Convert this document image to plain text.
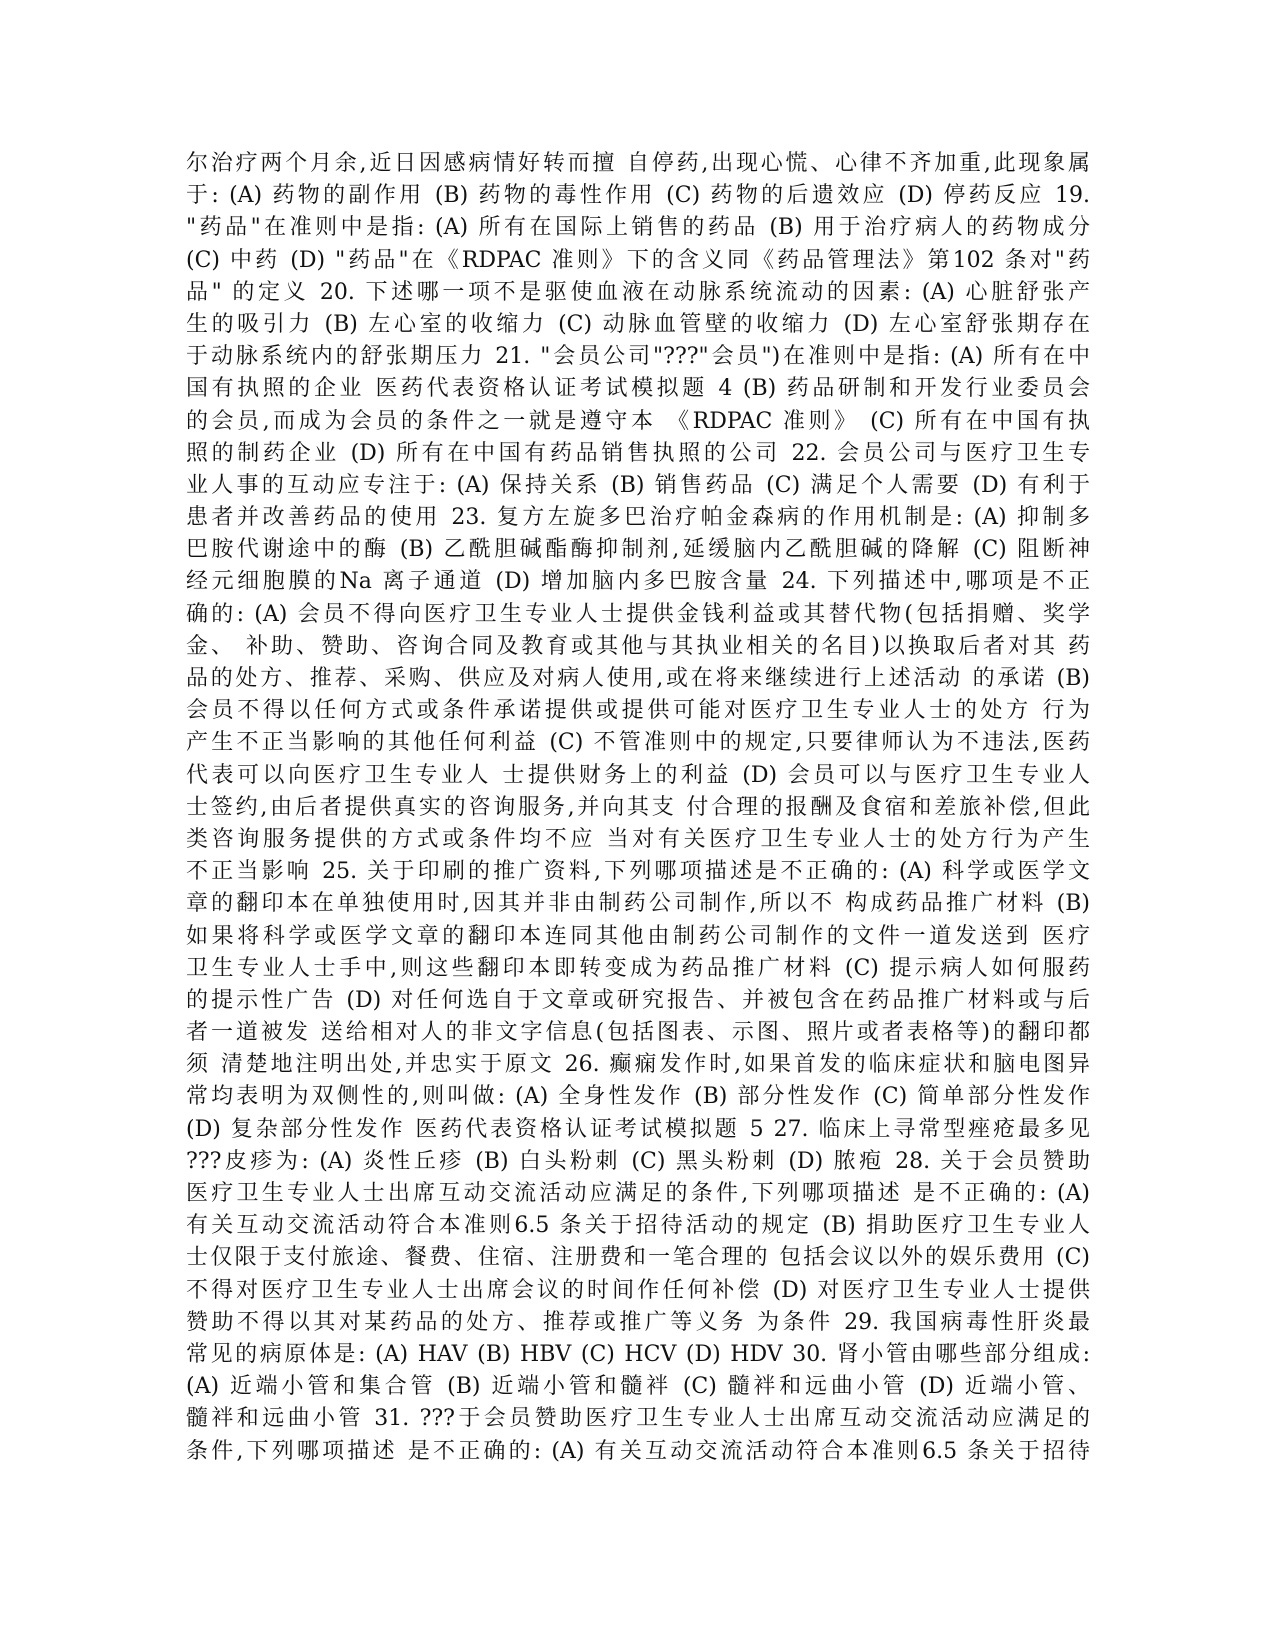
尔治疗两个月余,近日因感病情好转而擅 自停药,出现心慌、心律不齐加重,此现象属
于: (A) 药物的副作用 (B) 药物的毒性作用 (C) 药物的后遗效应 (D) 停药反应 19.
"药品"在准则中是指: (A) 所有在国际上销售的药品 (B) 用于治疗病人的药物成分
(C) 中药 (D) "药品"在《RDPAC 准则》下的含义同《药品管理法》第102 条对"药
品" 的定义 20. 下述哪一项不是驱使血液在动脉系统流动的因素: (A) 心脏舒张产
生的吸引力 (B) 左心室的收缩力 (C) 动脉血管壁的收缩力 (D) 左心室舒张期存在
于动脉系统内的舒张期压力 21. "会员公司"???"会员")在准则中是指: (A) 所有在中
国有执照的企业 医药代表资格认证考试模拟题 4 (B) 药品研制和开发行业委员会
的会员,而成为会员的条件之一就是遵守本 《RDPAC 准则》 (C) 所有在中国有执
照的制药企业 (D) 所有在中国有药品销售执照的公司 22. 会员公司与医疗卫生专
业人事的互动应专注于: (A) 保持关系 (B) 销售药品 (C) 满足个人需要 (D) 有利于
患者并改善药品的使用 23. 复方左旋多巴治疗帕金森病的作用机制是: (A) 抑制多
巴胺代谢途中的酶 (B) 乙酰胆碱酯酶抑制剂,延缓脑内乙酰胆碱的降解 (C) 阻断神
经元细胞膜的Na 离子通道 (D) 增加脑内多巴胺含量 24. 下列描述中,哪项是不正
确的: (A) 会员不得向医疗卫生专业人士提供金钱利益或其替代物(包括捐赠、奖学
金、 补助、赞助、咨询合同及教育或其他与其执业相关的名目)以换取后者对其 药
品的处方、推荐、采购、供应及对病人使用,或在将来继续进行上述活动 的承诺 (B)
会员不得以任何方式或条件承诺提供或提供可能对医疗卫生专业人士的处方 行为
产生不正当影响的其他任何利益 (C) 不管准则中的规定,只要律师认为不违法,医药
代表可以向医疗卫生专业人 士提供财务上的利益 (D) 会员可以与医疗卫生专业人
士签约,由后者提供真实的咨询服务,并向其支 付合理的报酬及食宿和差旅补偿,但此
类咨询服务提供的方式或条件均不应 当对有关医疗卫生专业人士的处方行为产生
不正当影响 25. 关于印刷的推广资料,下列哪项描述是不正确的: (A) 科学或医学文
章的翻印本在单独使用时,因其并非由制药公司制作,所以不 构成药品推广材料 (B)
如果将科学或医学文章的翻印本连同其他由制药公司制作的文件一道发送到 医疗
卫生专业人士手中,则这些翻印本即转变成为药品推广材料 (C) 提示病人如何服药
的提示性广告 (D) 对任何选自于文章或研究报告、并被包含在药品推广材料或与后
者一道被发 送给相对人的非文字信息(包括图表、示图、照片或者表格等)的翻印都
须 清楚地注明出处,并忠实于原文 26. 癫痫发作时,如果首发的临床症状和脑电图异
常均表明为双侧性的,则叫做: (A) 全身性发作 (B) 部分性发作 (C) 简单部分性发作
(D) 复杂部分性发作 医药代表资格认证考试模拟题 5 27. 临床上寻常型痤疮最多见
???皮疹为: (A) 炎性丘疹 (B) 白头粉刺 (C) 黑头粉刺 (D) 脓疱 28. 关于会员赞助
医疗卫生专业人士出席互动交流活动应满足的条件,下列哪项描述 是不正确的: (A)
有关互动交流活动符合本准则6.5 条关于招待活动的规定 (B) 捐助医疗卫生专业人
士仅限于支付旅途、餐费、住宿、注册费和一笔合理的 包括会议以外的娱乐费用 (C)
不得对医疗卫生专业人士出席会议的时间作任何补偿 (D) 对医疗卫生专业人士提供
赞助不得以其对某药品的处方、推荐或推广等义务 为条件 29. 我国病毒性肝炎最
常见的病原体是: (A) HAV (B) HBV (C) HCV (D) HDV 30. 肾小管由哪些部分组成:
(A) 近端小管和集合管 (B) 近端小管和髓袢 (C) 髓袢和远曲小管 (D) 近端小管、
髓袢和远曲小管 31. ???于会员赞助医疗卫生专业人士出席互动交流活动应满足的
条件,下列哪项描述 是不正确的: (A) 有关互动交流活动符合本准则6.5 条关于招待
